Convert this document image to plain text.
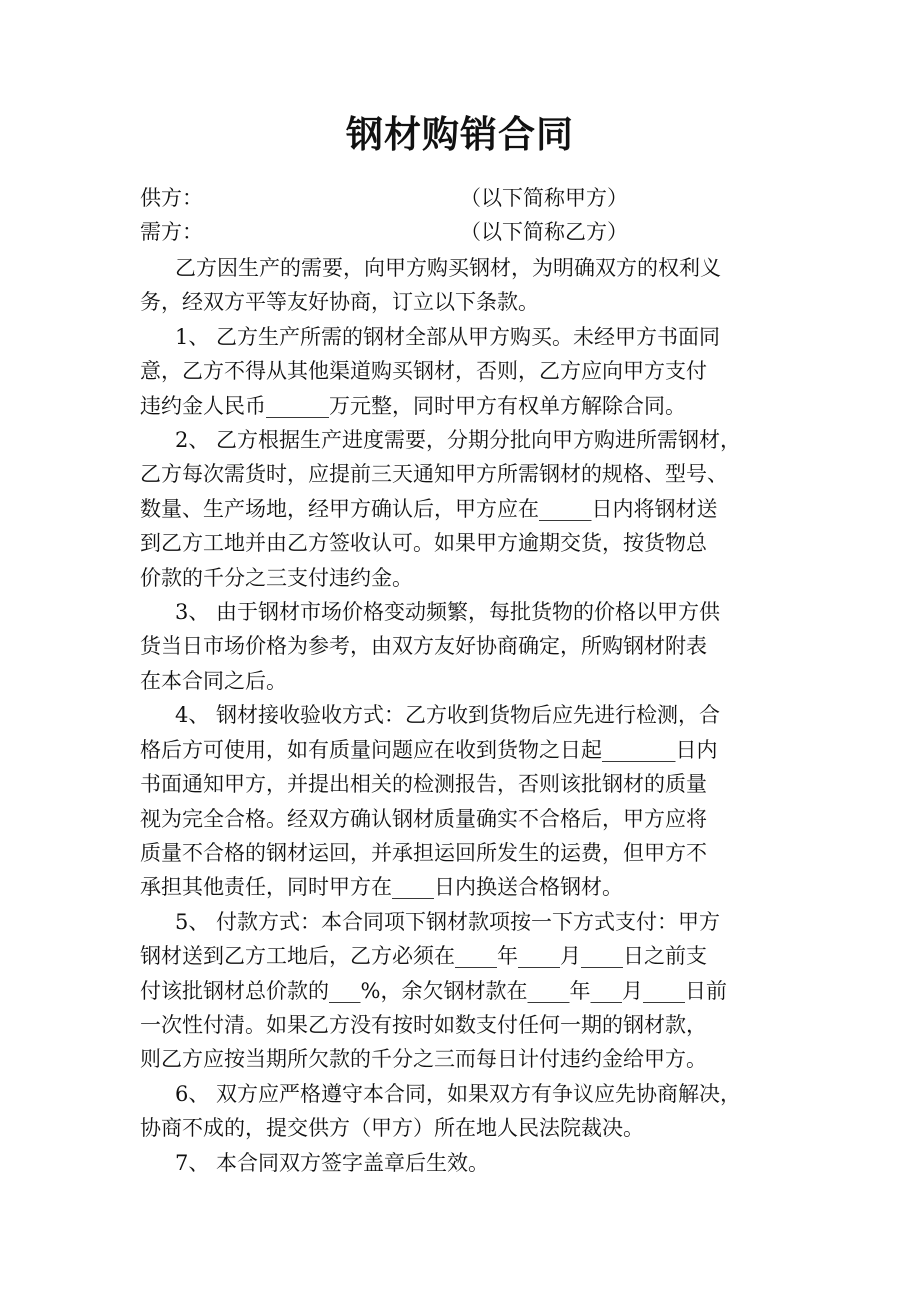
钢材购销合同
供方：	（以下简称甲方）
需方：	（以下简称乙方）

乙方因生产的需要，向甲方购买钢材，为明确双方的权利义
务，经双方平等友好协商，订立以下条款。

1、 乙方生产所需的钢材全部从甲方购买。未经甲方书面同
意，乙方不得从其他渠道购买钢材，否则，乙方应向甲方支付
违约金人民币______万元整，同时甲方有权单方解除合同。

2、 乙方根据生产进度需要，分期分批向甲方购进所需钢材，
乙方每次需货时，应提前三天通知甲方所需钢材的规格、型号、
数量、生产场地，经甲方确认后，甲方应在_____日内将钢材送
到乙方工地并由乙方签收认可。如果甲方逾期交货，按货物总
价款的千分之三支付违约金。

3、 由于钢材市场价格变动频繁，每批货物的价格以甲方供
货当日市场价格为参考，由双方友好协商确定，所购钢材附表
在本合同之后。

4、 钢材接收验收方式：乙方收到货物后应先进行检测，合
格后方可使用，如有质量问题应在收到货物之日起_______日内
书面通知甲方，并提出相关的检测报告，否则该批钢材的质量
视为完全合格。经双方确认钢材质量确实不合格后，甲方应将
质量不合格的钢材运回，并承担运回所发生的运费，但甲方不
承担其他责任，同时甲方在____日内换送合格钢材。

5、 付款方式：本合同项下钢材款项按一下方式支付：甲方
钢材送到乙方工地后，乙方必须在____年____月____日之前支
付该批钢材总价款的___%，余欠钢材款在____年___月____日前
一次性付清。如果乙方没有按时如数支付任何一期的钢材款，
则乙方应按当期所欠款的千分之三而每日计付违约金给甲方。

6、 双方应严格遵守本合同，如果双方有争议应先协商解决，
协商不成的，提交供方（甲方）所在地人民法院裁决。

7、 本合同双方签字盖章后生效。
